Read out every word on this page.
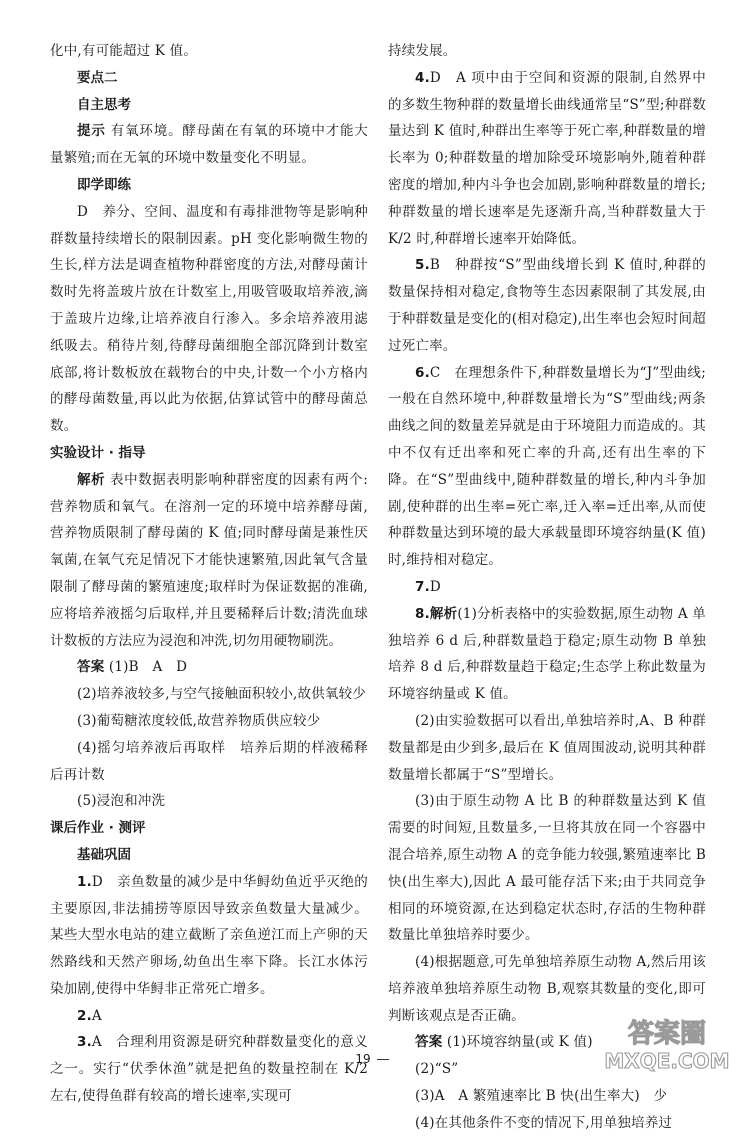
化中,有可能超过 K 值。

要点二

自主思考

提示 有氧环境。酵母菌在有氧的环境中才能大量繁殖;而在无氧的环境中数量变化不明显。

即学即练

D　养分、空间、温度和有毒排泄物等是影响种群数量持续增长的限制因素。pH 变化影响微生物的生长,样方法是调查植物种群密度的方法,对酵母菌计数时先将盖玻片放在计数室上,用吸管吸取培养液,滴于盖玻片边缘,让培养液自行渗入。多余培养液用滤纸吸去。稍待片刻,待酵母菌细胞全部沉降到计数室底部,将计数板放在载物台的中央,计数一个小方格内的酵母菌数量,再以此为依据,估算试管中的酵母菌总数。

实验设计 · 指导

解析 表中数据表明影响种群密度的因素有两个:营养物质和氧气。在溶剂一定的环境中培养酵母菌,营养物质限制了酵母菌的 K 值;同时酵母菌是兼性厌氧菌,在氧气充足情况下才能快速繁殖,因此氧气含量限制了酵母菌的繁殖速度;取样时为保证数据的准确,应将培养液摇匀后取样,并且要稀释后计数;清洗血球计数板的方法应为浸泡和冲洗,切勿用硬物刷洗。

答案 (1)B　A　D

(2)培养液较多,与空气接触面积较小,故供氧较少

(3)葡萄糖浓度较低,故营养物质供应较少

(4)摇匀培养液后再取样　培养后期的样液稀释后再计数

(5)浸泡和冲洗

课后作业 · 测评

基础巩固

1.D　亲鱼数量的减少是中华鲟幼鱼近乎灭绝的主要原因,非法捕捞等原因导致亲鱼数量大量减少。某些大型水电站的建立截断了亲鱼逆江而上产卵的天然路线和天然产卵场,幼鱼出生率下降。长江水体污染加剧,使得中华鲟非正常死亡增多。

2.A

3.A　合理利用资源是研究种群数量变化的意义之一。实行“伏季休渔”就是把鱼的数量控制在 K/2 左右,使得鱼群有较高的增长速率,实现可

持续发展。

4.D　A 项中由于空间和资源的限制,自然界中的多数生物种群的数量增长曲线通常呈“S”型;种群数量达到 K 值时,种群出生率等于死亡率,种群数量的增长率为 0;种群数量的增加除受环境影响外,随着种群密度的增加,种内斗争也会加剧,影响种群数量的增长;种群数量的增长速率是先逐渐升高,当种群数量大于 K/2 时,种群增长速率开始降低。

5.B　种群按“S”型曲线增长到 K 值时,种群的数量保持相对稳定,食物等生态因素限制了其发展,由于种群数量是变化的(相对稳定),出生率也会短时间超过死亡率。

6.C　在理想条件下,种群数量增长为“J”型曲线;一般在自然环境中,种群数量增长为“S”型曲线;两条曲线之间的数量差异就是由于环境阻力而造成的。其中不仅有迁出率和死亡率的升高,还有出生率的下降。在“S”型曲线中,随种群数量的增长,种内斗争加剧,使种群的出生率=死亡率,迁入率=迁出率,从而使种群数量达到环境的最大承载量即环境容纳量(K 值)时,维持相对稳定。

7.D

8.解析(1)分析表格中的实验数据,原生动物 A 单独培养 6 d 后,种群数量趋于稳定;原生动物 B 单独培养 8 d 后,种群数量趋于稳定;生态学上称此数量为环境容纳量或 K 值。

(2)由实验数据可以看出,单独培养时,A、B 种群数量都是由少到多,最后在 K 值周围波动,说明其种群数量增长都属于“S”型增长。

(3)由于原生动物 A 比 B 的种群数量达到 K 值需要的时间短,且数量多,一旦将其放在同一个容器中混合培养,原生动物 A 的竞争能力较强,繁殖速率比 B 快(出生率大),因此 A 最可能存活下来;由于共同竞争相同的环境资源,在达到稳定状态时,存活的生物种群数量比单独培养时要少。

(4)根据题意,可先单独培养原生动物 A,然后用该培养液单独培养原生动物 B,观察其数量的变化,即可判断该观点是否正确。

答案 (1)环境容纳量(或 K 值)

(2)“S”

(3)A　A 繁殖速率比 B 快(出生率大)　少

(4)在其他条件不变的情况下,用单独培养过

19
答案圈
MXQE.COM
